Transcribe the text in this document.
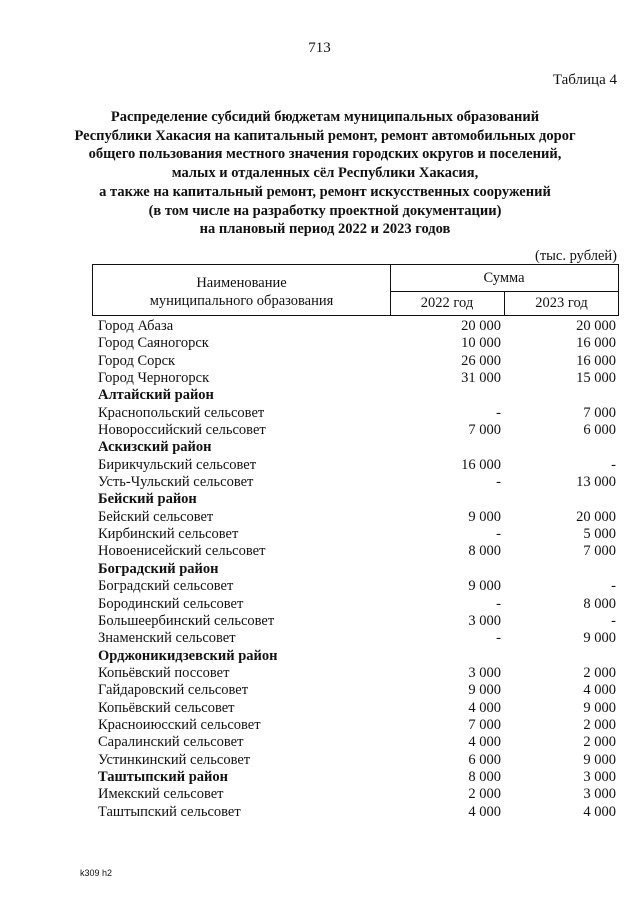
713
Таблица 4
Распределение субсидий бюджетам муниципальных образований
Республики Хакасия на капитальный ремонт, ремонт автомобильных дорог
общего пользования местного значения городских округов и поселений,
малых и отдаленных сёл Республики Хакасия,
а также на капитальный ремонт, ремонт искусственных сооружений
(в том числе на разработку проектной документации)
на плановый период 2022 и 2023 годов
(тыс. рублей)
Наименование
муниципального образования
Сумма
2022 год	2023 год
Город Абаза	20 000	20 000
Город Саяногорск	10 000	16 000
Город Сорск	26 000	16 000
Город Черногорск	31 000	15 000
Алтайский район
Краснопольский сельсовет	-	7 000
Новороссийский сельсовет	7 000	6 000
Аскизский район
Бирикчульский сельсовет	16 000	-
Усть-Чульский сельсовет	-	13 000
Бейский район
Бейский сельсовет	9 000	20 000
Кирбинский сельсовет	-	5 000
Новоенисейский сельсовет	8 000	7 000
Боградский район
Боградский сельсовет	9 000	-
Бородинский сельсовет	-	8 000
Большеербинский сельсовет	3 000	-
Знаменский сельсовет	-	9 000
Орджоникидзевский район
Копьёвский поссовет	3 000	2 000
Гайдаровский сельсовет	9 000	4 000
Копьёвский сельсовет	4 000	9 000
Красноиюсский сельсовет	7 000	2 000
Саралинский сельсовет	4 000	2 000
Устинкинский сельсовет	6 000	9 000
Таштыпский район	8 000	3 000
Имекский сельсовет	2 000	3 000
Таштыпский сельсовет	4 000	4 000
k309 h2
